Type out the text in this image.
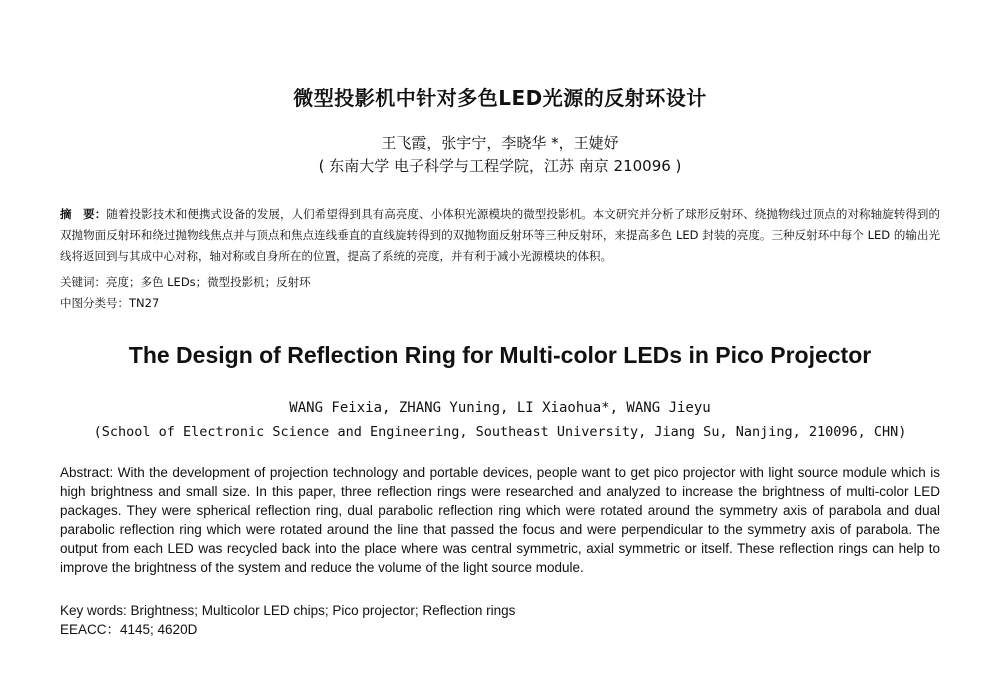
微型投影机中针对多色LED光源的反射环设计
王飞霞，张宇宁，李晓华 *，王婕妤
( 东南大学 电子科学与工程学院，江苏 南京 210096 )
摘　要：随着投影技术和便携式设备的发展，人们希望得到具有高亮度、小体积光源模块的微型投影机。本文研究并分析了球形反射环、绕抛物线过顶点的对称轴旋转得到的双抛物面反射环和绕过抛物线焦点并与顶点和焦点连线垂直的直线旋转得到的双抛物面反射环等三种反射环，来提高多色 LED 封装的亮度。三种反射环中每个 LED 的输出光线将返回到与其成中心对称，轴对称或自身所在的位置，提高了系统的亮度，并有利于减小光源模块的体积。
关键词：亮度；多色 LEDs；微型投影机；反射环
中图分类号：TN27
The Design of Reflection Ring for Multi-color LEDs in Pico Projector
WANG Feixia, ZHANG Yuning, LI Xiaohua*, WANG Jieyu
(School of Electronic Science and Engineering, Southeast University, Jiang Su, Nanjing, 210096, CHN)
Abstract: With the development of projection technology and portable devices, people want to get pico projector with light source module which is high brightness and small size. In this paper, three reflection rings were researched and analyzed to increase the brightness of multi-color LED packages. They were spherical reflection ring, dual parabolic reflection ring which were rotated around the symmetry axis of parabola and dual parabolic reflection ring which were rotated around the line that passed the focus and were perpendicular to the symmetry axis of parabola. The output from each LED was recycled back into the place where was central symmetric, axial symmetric or itself. These reflection rings can help to improve the brightness of the system and reduce the volume of the light source module.
Key words: Brightness; Multicolor LED chips; Pico projector; Reflection rings
EEACC：4145; 4620D
